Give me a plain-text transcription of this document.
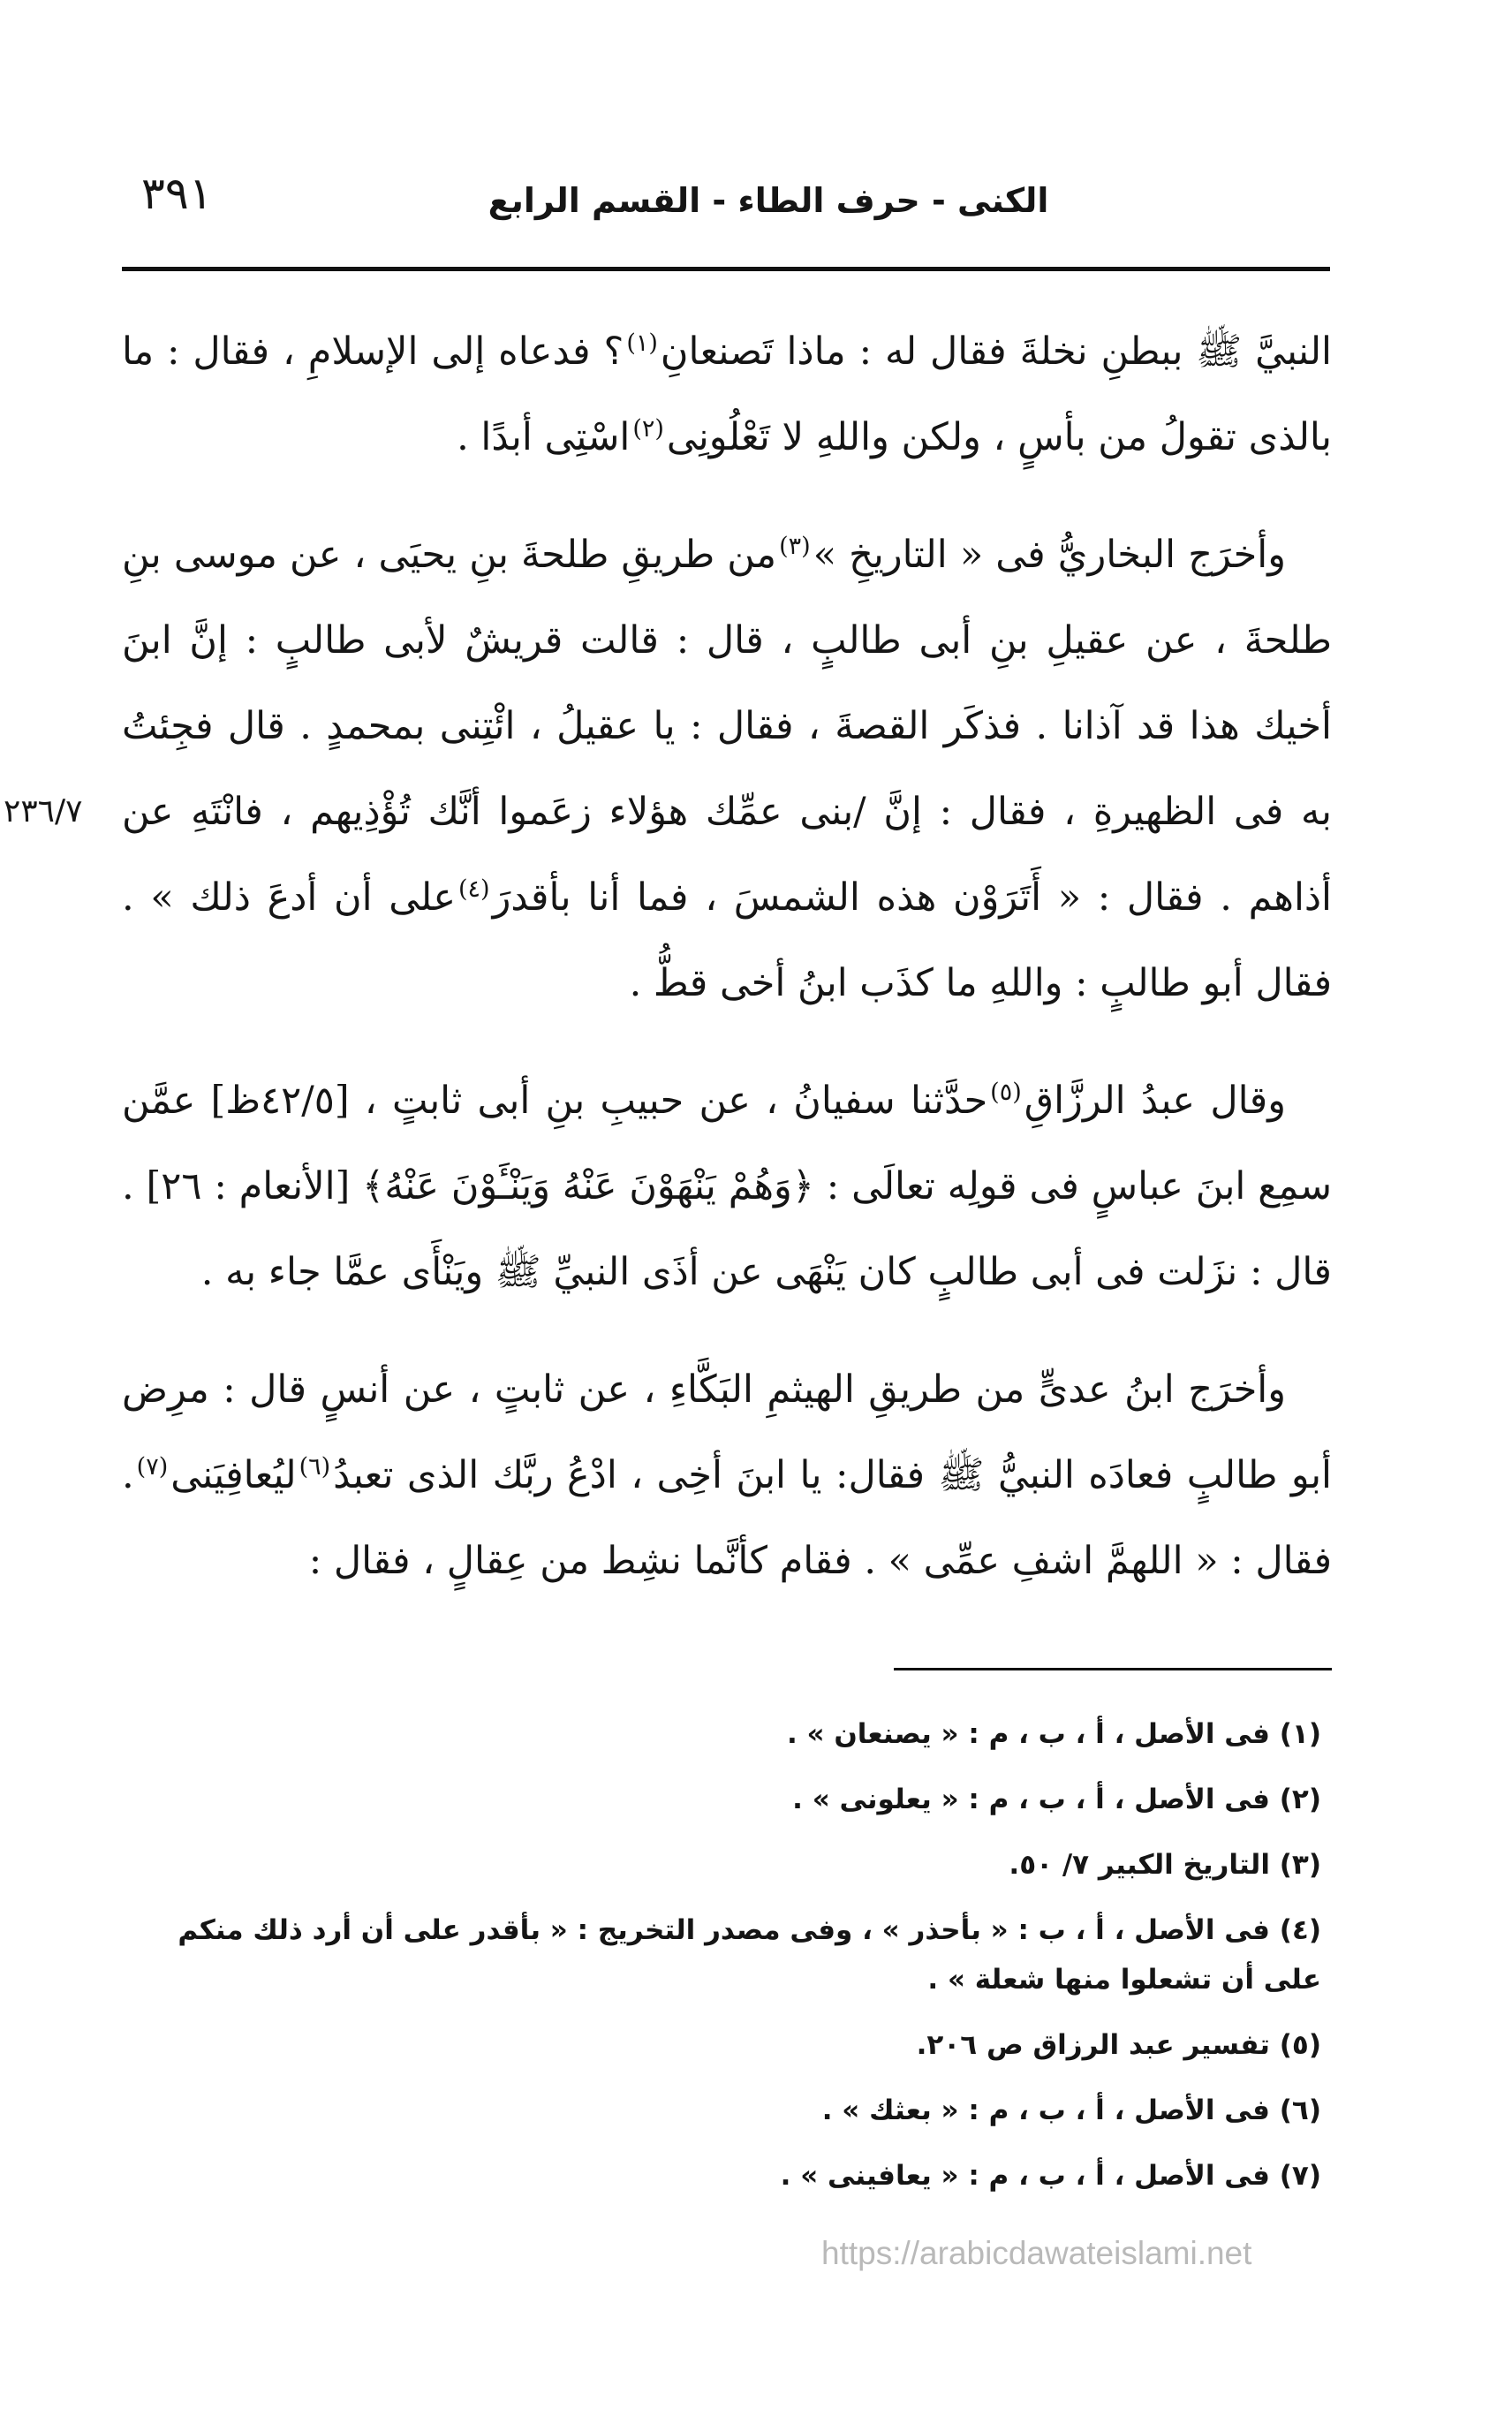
٣٩١	الكنى - حرف الطاء - القسم الرابع
٢٣٦/٧

النبيَّ ﷺ ببطنِ نخلةَ فقال له : ماذا تَصنعانِ$^{(١)}$؟ فدعاه إلى الإسلامِ ، فقال : ما بالذى تقولُ من بأسٍ ، ولكن واللهِ لا تَعْلُونِى$^{(٢)}$اسْتِى أبدًا .

وأخرَج البخاريُّ فى « التاريخِ »$^{(٣)}$من طريقِ طلحةَ بنِ يحيَى ، عن موسى بنِ طلحةَ ، عن عقيلِ بنِ أبى طالبٍ ، قال : قالت قريشٌ لأبى طالبٍ : إنَّ ابنَ أخيك هذا قد آذانا . فذكَر القصةَ ، فقال : يا عقيلُ ، ائْتِنى بمحمدٍ . قال فجِئتُ به فى الظهيرةِ ، فقال : إنَّ /بنى عمِّك هؤلاء زعَموا أنَّك تُؤْذِيهم ، فانْتَهِ عن أذاهم . فقال : « أَتَرَوْن هذه الشمسَ ، فما أنا بأقدرَ$^{(٤)}$على أن أدعَ ذلك » . فقال أبو طالبٍ : واللهِ ما كذَب ابنُ أخى قطُّ .

وقال عبدُ الرزَّاقِ$^{(٥)}$حدَّثنا سفيانُ ، عن حبيبِ بنِ أبى ثابتٍ ، [٤٢/٥ظ] عمَّن سمِع ابنَ عباسٍ فى قولِه تعالَى : ﴿وَهُمْ يَنْهَوْنَ عَنْهُ وَيَنْـَٔوْنَ عَنْهُ﴾ [الأنعام : ٢٦] . قال : نزَلت فى أبى طالبٍ كان يَنْهَى عن أذَى النبيِّ ﷺ ويَنْأَى عمَّا جاء به .

وأخرَج ابنُ عدىٍّ من طريقِ الهيثمِ البَكَّاءِ ، عن ثابتٍ ، عن أنسٍ قال : مرِض أبو طالبٍ فعادَه النبيُّ ﷺ فقال: يا ابنَ أخِى ، ادْعُ ربَّك الذى تعبدُ$^{(٦)}$ليُعافِيَنى$^{(٧)}$. فقال : « اللهمَّ اشفِ عمِّى » . فقام كأنَّما نشِط من عِقالٍ ، فقال :

(١) فى الأصل ، أ ، ب ، م : « يصنعان » .

(٢) فى الأصل ، أ ، ب ، م : « يعلونى » .

(٣) التاريخ الكبير ٧/ ٥٠.

(٤) فى الأصل ، أ ، ب : « بأحذر » ، وفى مصدر التخريج : « بأقدر على أن أرد ذلك منكم على أن تشعلوا منها شعلة » .

(٥) تفسير عبد الرزاق ص ٢٠٦.

(٦) فى الأصل ، أ ، ب ، م : « بعثك » .

(٧) فى الأصل ، أ ، ب ، م : « يعافينى » .

https://arabicdawateislami.net
